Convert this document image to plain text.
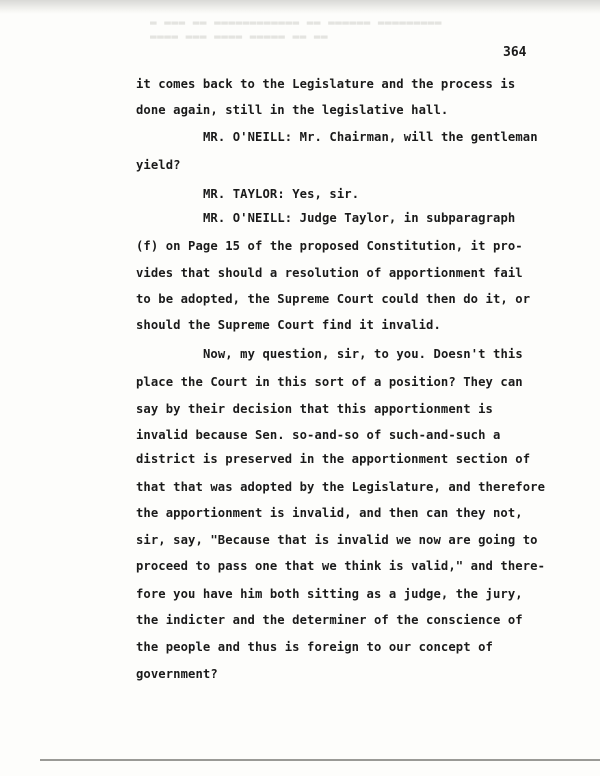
▬ ▬▬▬ ▬▬ ▬▬▬▬▬▬▬▬▬▬▬▬ ▬▬ ▬▬▬▬▬▬ ▬▬▬▬▬▬▬▬▬
▬▬▬▬ ▬▬▬ ▬▬▬▬ ▬▬▬▬▬ ▬▬ ▬▬
364
it comes back to the Legislature and the process is
done again, still in the legislative hall.
MR. O'NEILL: Mr. Chairman, will the gentleman
yield?
MR. TAYLOR: Yes, sir.
MR. O'NEILL: Judge Taylor, in subparagraph
(f) on Page 15 of the proposed Constitution, it pro-
vides that should a resolution of apportionment fail
to be adopted, the Supreme Court could then do it, or
should the Supreme Court find it invalid.
Now, my question, sir, to you. Doesn't this
place the Court in this sort of a position? They can
say by their decision that this apportionment is
invalid because Sen. so-and-so of such-and-such a
district is preserved in the apportionment section of
that that was adopted by the Legislature, and therefore
the apportionment is invalid, and then can they not,
sir, say, "Because that is invalid we now are going to
proceed to pass one that we think is valid," and there-
fore you have him both sitting as a judge, the jury,
the indicter and the determiner of the conscience of
the people and thus is foreign to our concept of
government?
